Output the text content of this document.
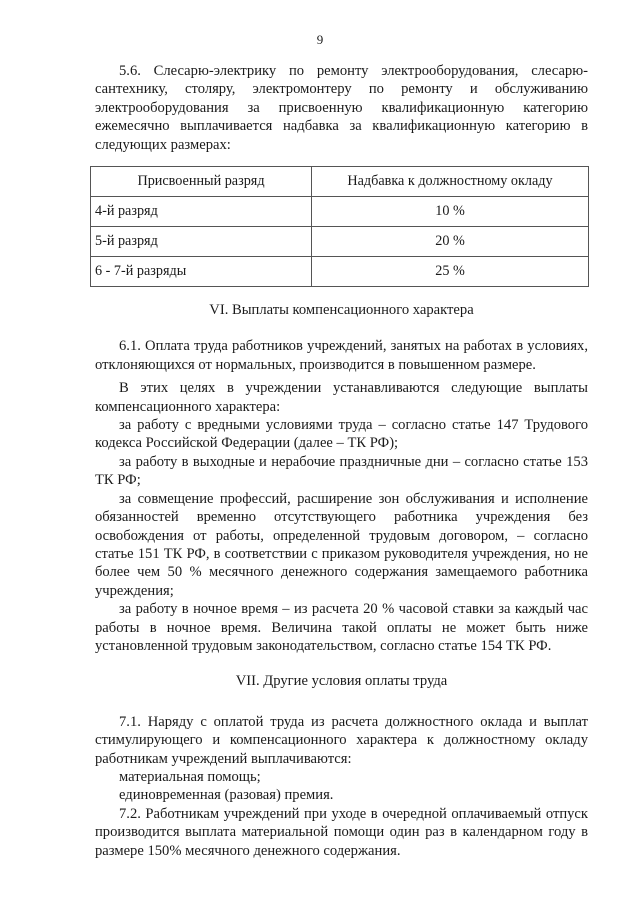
9

5.6. Слесарю-электрику по ремонту электрооборудования, слесарю-сантехнику, столяру, электромонтеру по ремонту и обслуживанию электрооборудования за присвоенную квалификационную категорию ежемесячно выплачивается надбавка за квалификационную категорию в следующих размерах:

Присвоенный разряд	Надбавка к должностному окладу
4-й разряд	10 %
5-й разряд	20 %
6 - 7-й разряды	25 %

VI. Выплаты компенсационного характера

6.1. Оплата труда работников учреждений, занятых на работах в условиях, отклоняющихся от нормальных, производится в повышенном размере.

В этих целях в учреждении устанавливаются следующие выплаты компенсационного характера:

за работу с вредными условиями труда – согласно статье 147 Трудового кодекса Российской Федерации (далее – ТК РФ);

за работу в выходные и нерабочие праздничные дни – согласно статье 153 ТК РФ;

за совмещение профессий, расширение зон обслуживания и исполнение обязанностей временно отсутствующего работника учреждения без освобождения от работы, определенной трудовым договором, – согласно статье 151 ТК РФ, в соответствии с приказом руководителя учреждения, но не более чем 50 % месячного денежного содержания замещаемого работника учреждения;

за работу в ночное время – из расчета 20 % часовой ставки за каждый час работы в ночное время. Величина такой оплаты не может быть ниже установленной трудовым законодательством, согласно статье 154 ТК РФ.

VII. Другие условия оплаты труда

7.1. Наряду с оплатой труда из расчета должностного оклада и выплат стимулирующего и компенсационного характера к должностному окладу работникам учреждений выплачиваются:

материальная помощь;

единовременная (разовая) премия.

7.2. Работникам учреждений при уходе в очередной оплачиваемый отпуск производится выплата материальной помощи один раз в календарном году в размере 150% месячного денежного содержания.
